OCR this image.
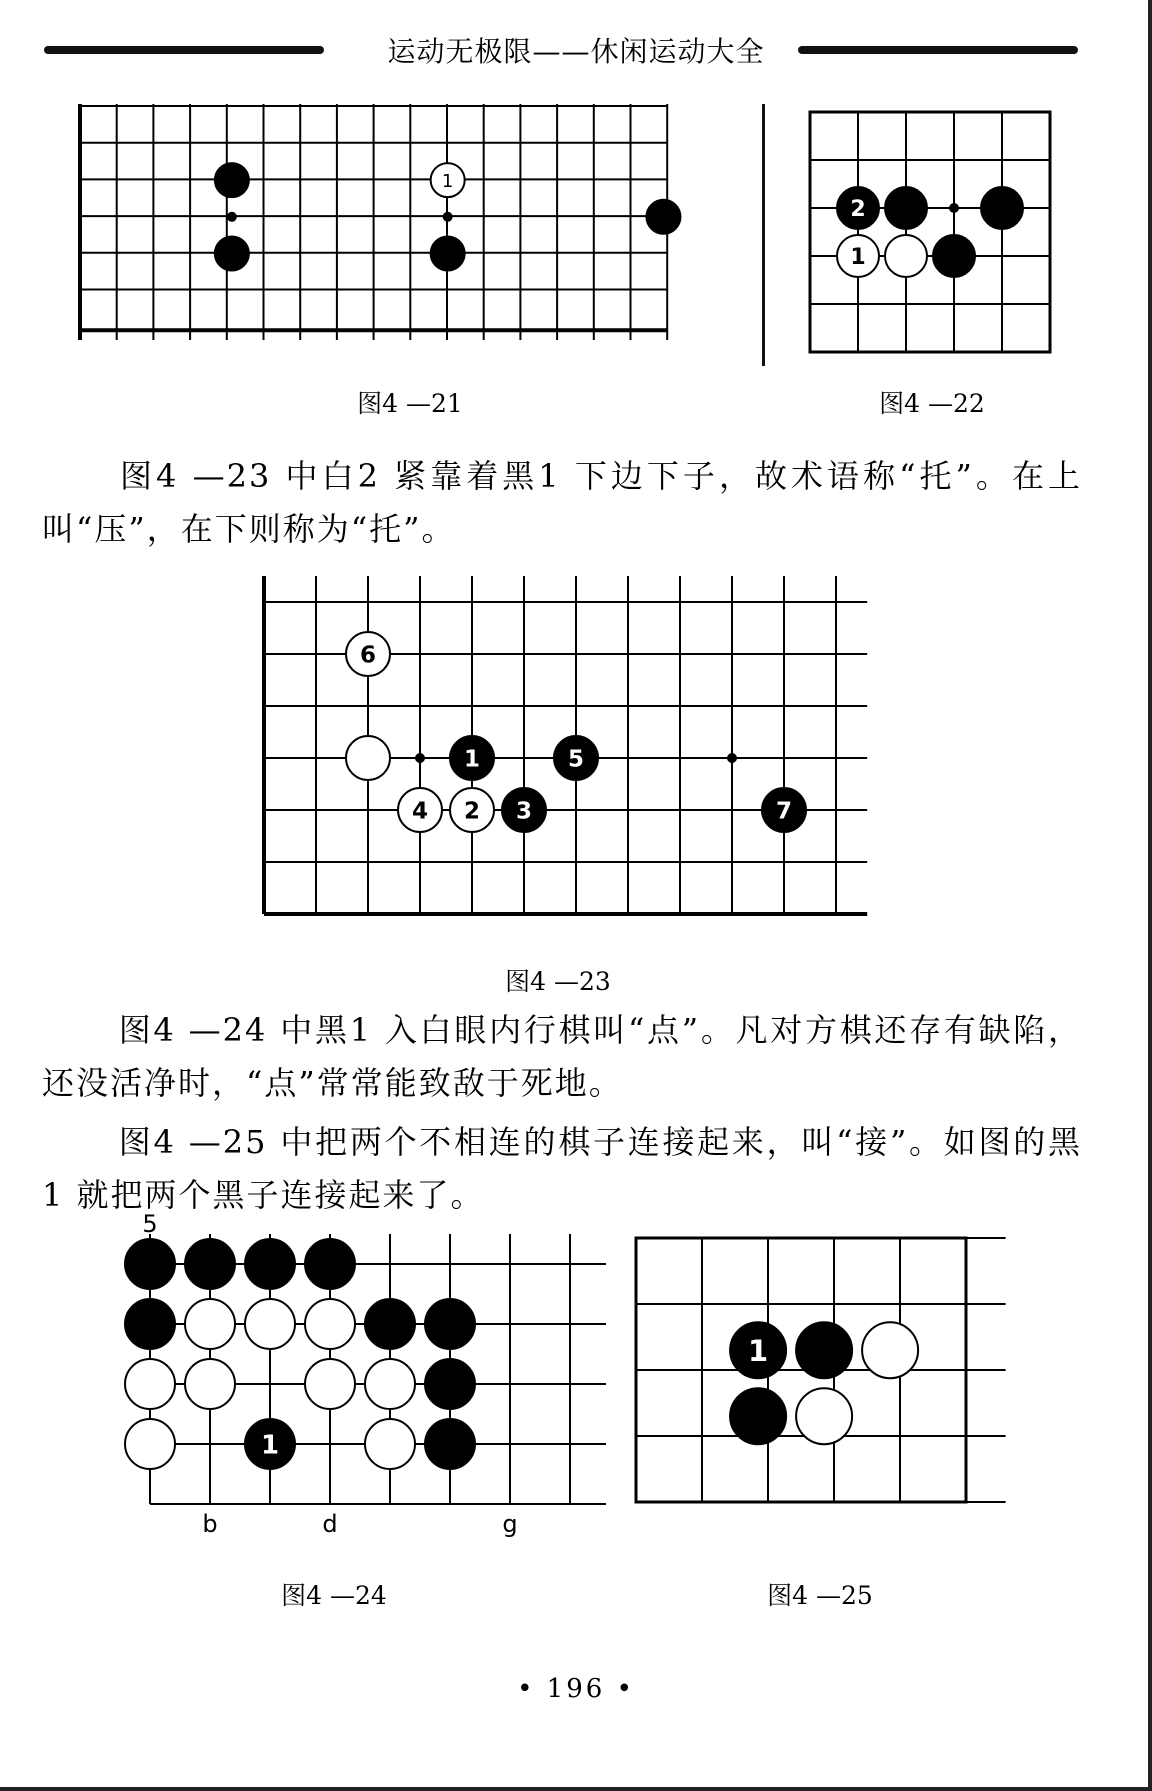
运动无极限——休闲运动大全
1
图4 —21
2
1
图4 —22
图4 —23 中白2 紧靠着黑1 下边下子，故术语称“托”。在上叫“压”，在下则称为“托”。
6
1	5
4 2 3	7
图4 —23
图4 —24 中黑1 入白眼内行棋叫“点”。凡对方棋还存有缺陷，还没活净时，“点”常常能致敌于死地。
图4 —25 中把两个不相连的棋子连接起来，叫“接”。如图的黑1 就把两个黑子连接起来了。
5
b	d	g
1
图4 —24
1
图4 —25
• 196 •
